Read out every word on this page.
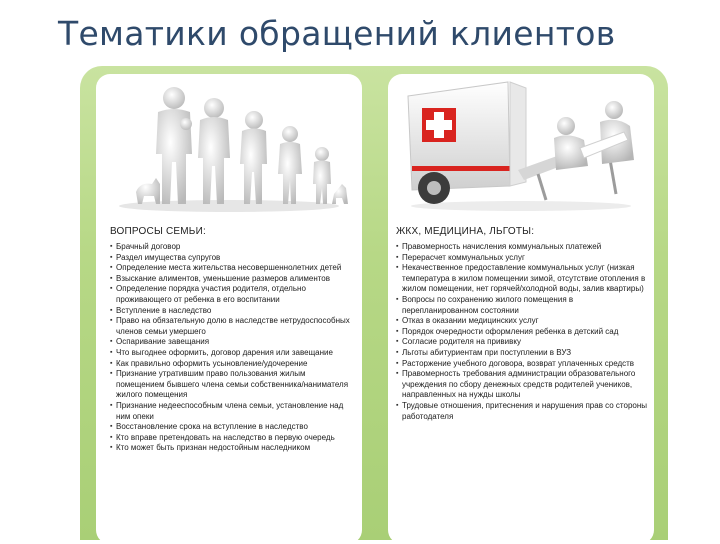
Тематики обращений клиентов
ВОПРОСЫ СЕМЬИ:
▪ Брачный договор
▪ Раздел имущества супругов
▪ Определение места жительства несовершеннолетних детей
▪ Взыскание алиментов, уменьшение размеров алиментов
▪ Определение порядка участия родителя, отдельно проживающего от ребенка в его воспитании
▪ Вступление в наследство
▪ Право на обязательную долю в наследстве нетрудоспособных членов семьи умершего
▪ Оспаривание завещания
▪ Что выгоднее оформить, договор дарения или завещание
▪ Как правильно оформить усыновление/удочерение
▪ Признание утратившим право пользования жилым помещением бывшего члена семьи собственника/нанимателя жилого помещения
▪ Признание недееспособным члена семьи, установление над ним опеки
▪ Восстановление срока на вступление в наследство
▪ Кто вправе претендовать на наследство в первую очередь
▪ Кто может быть признан недостойным наследником
ЖКХ, МЕДИЦИНА, ЛЬГОТЫ:
▪ Правомерность начисления коммунальных платежей
▪ Перерасчет коммунальных услуг
▪ Некачественное предоставление коммунальных услуг (низкая температура в жилом помещении зимой, отсутствие отопления в жилом помещении, нет горячей/холодной воды, залив квартиры)
▪ Вопросы по сохранению жилого помещения в перепланированном состоянии
▪ Отказ в оказании медицинских услуг
▪ Порядок очередности оформления ребенка в детский сад
▪ Согласие родителя на прививку
▪ Льготы абитуриентам при поступлении в ВУЗ
▪ Расторжение учебного договора, возврат уплаченных средств
▪ Правомерность требования администрации образовательного учреждения по сбору денежных средств родителей учеников, направленных на нужды школы
▪ Трудовые отношения, притеснения и нарушения прав со стороны работодателя
